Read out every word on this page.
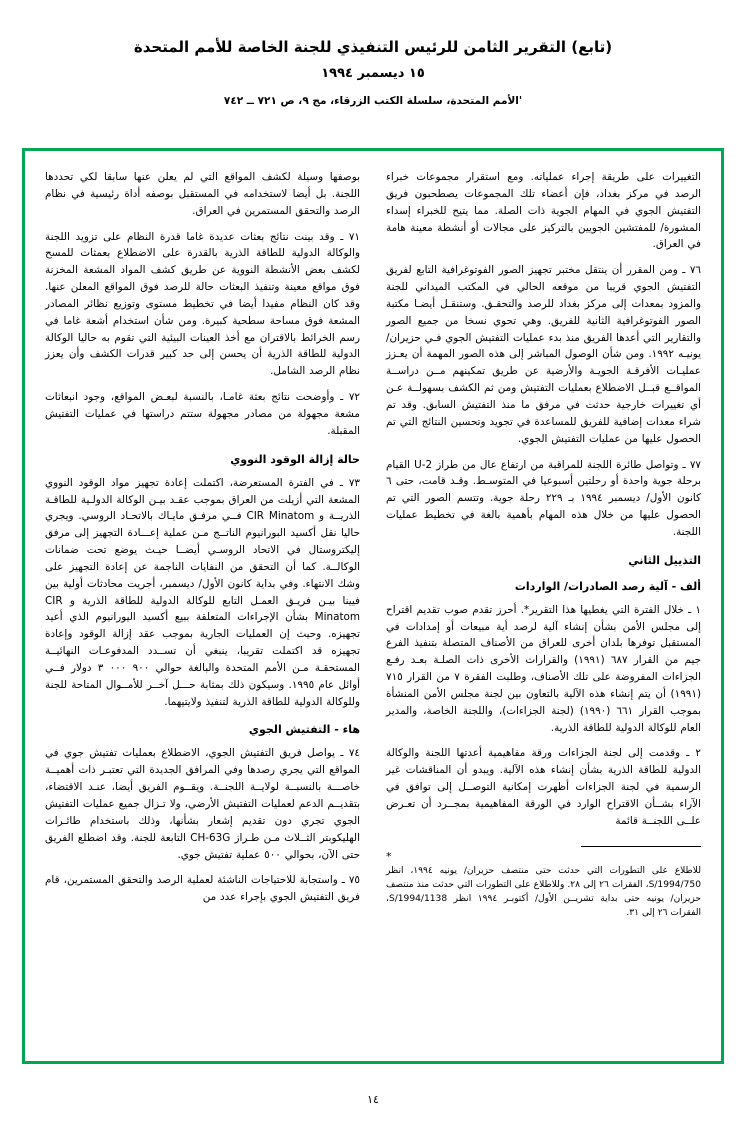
(تابع) التقرير الثامن للرئيس التنفيذي للجنة الخاصة للأمم المتحدة
١٥ ديسمبر ١٩٩٤
'الأمم المتحدة، سلسلة الكتب الزرقاء، مج ٩، ص ٧٢١ ــ ٧٤٢

بوصفها وسيلة لكشف المواقع التي لم يعلن عنها سابقا لكي تحددها اللجنة. بل أيضا لاستخدامه في المستقبل بوصفه أداة رئيسية في نظام الرصد والتحقق المستمرين في العراق.

٧١ ـ وقد بينت نتائج بعثات عديدة غاما قدرة النظام على تزويد اللجنة والوكالة الدولية للطاقة الذرية بالقدرة على الاضطلاع بعمثات للمسح لكشف بعض الأنشطة النووية عن طريق كشف المواد المشعة المخزنة فوق مواقع معينة وتنفيذ البعثات حالة للرصد فوق المواقع المعلن عنها. وقد كان النظام مفيدا أيضا في تخطيط مستوى وتوزيع نظائر المصادر المشعة فوق مساحة سطحية كبيرة. ومن شأن استخدام أشعة غاما في رسم الخرائط بالاقتران مع أخذ العينات البيئية التي تقوم به حاليا الوكالة الدولية للطاقة الذرية أن يحسن إلى حد كبير قدرات الكشف وأن يعزز نظام الرصد الشامل.

٧٢ ـ وأوضحت نتائج بعثة غامـا، بالنسبة لبعـض المواقع، وجود انبعاثات مشعة مجهولة من مصادر مجهولة ستتم دراستها في عمليات التفتيش المقبلة.

حالة إزالة الوقود النووي

٧٣ ـ في الفترة المستعرضة، اكتملت إعادة تجهيز مواد الوقود النووي المشعة التي أزيلت من العراق بموجب عقـد بيـن الوكالة الدولـية للطاقـة الذريــة و CIR Minatom فــي مرفـق مايـاك بالاتحـاد الروسي. ويجري حاليا نقل أكسيد البورانيوم الناتــج مـن عملية إعـــادة التجهيز إلى مرفق إليكتروستال في الاتحاد الروسـي أيضــا حيـث يوضع تحت ضمانات الوكالــة. كما أن التحقق من النفايات الناجمة عن إعادة التجهيز على وشك الانتهاء. وفي بداية كانون الأول/ ديسمبر، أجريت محادثات أولية بين فيينا بيـن فريـق العمـل التابع للوكالة الدولية للطاقة الذرية و CIR Minatom بشأن الإجراءات المتعلقة ببيع أكسيد اليورانيوم الذي أعيد تجهيزه. وحيث إن العمليات الجارية بموجب عقد إزالة الوقود وإعادة تجهيزه قد اكتملت تقريبا، ينبغي أن تســدد المدفوعـات النهائيــة المستحقـة مـن الأمم المتحدة والبالغة حوالي ٩٠٠ ٠٠٠ ٣ دولار فــي أوائل عام ١٩٩٥. وسيكون ذلك بمثابة حـــل آخــر للأمــوال المتاحة للجنة وللوكالة الدولية للطاقة الذرية لتنفيذ ولايتيهما.

هاء - التفتيش الجوي

٧٤ ـ يواصل فريق التفتيش الجوي، الاضطلاع بعمليات تفتيش جوي في المواقع التي يجري رصدها وفي المرافق الجديدة التي تعتبـر ذات أهميــة خاصـــة بالنسبــة لولايــة اللجنــة. ويقــوم الفريق أيضا، عنـد الاقتضاء، بتقديــم الدعم لعمليات التفتيش الأرضي، ولا تـزال جميع عمليات التفتيش الجوي تجري دون تقديم إشعار بشأنها، وذلك باستخدام طائـرات الهليكوبتر الثــلاث مـن طـراز CH-63G التابعة للجنة. وقد اضطلع الفريق حتى الآن، بحوالي ٥٠٠ عملية تفتيش جوي.

٧٥ ـ واستجابة للاحتياجات الناشئة لعملية الرصد والتحقق المستمرين، قام فريق التفتيش الجوي بإجراء عدد من

التغييرات على طريقة إجراء عملياته. ومع استقرار مجموعات خبراء الرصد في مركز بغداد، فإن أعضاء تلك المجموعات يصطحبون فريق التفتيش الجوي في المهام الجوية ذات الصلة. مما يتيح للخبراء إسداء المشورة/ للمفتشين الجويين بالتركيز على مجالات أو أنشطة معينة هامة في العراق.

٧٦ ـ ومن المقرر أن ينتقل مختبر تجهيز الصور الفوتوغرافية التابع لفريق التفتيش الجوي قريبا من موقعه الحالي في المكتب الميداني للجنة والمزود بمعدات إلى مركز بغداد للرصد والتحقـق. وستنقـل أيضـا مكتبة الصور الفوتوغرافية الثانية للفريق. وهي تحوي نسخا من جميع الصور والتقارير التي أعدها الفريق منذ بدء عمليات التفتيش الجوي فـي حزيران/ يونيـه ١٩٩٢. ومن شأن الوصول المباشر إلى هذه الصور المهمة أن يعـزز عمليـات الأفرقـة الجويـة والأرضية عن طريق تمكينهم مــن دراســة المواقــع قبــل الاضطلاع بعمليات التفتيش ومن ثم الكشف بسهولــة عـن أي تغييرات خارجية حدثت في مرفق ما منذ التفتيش السابق. وقد تم شراء معدات إضافية للفريق للمساعدة في تجويد وتحسين النتائج التي تم الحصول عليها من عمليات التفتيش الجوي.

٧٧ ـ وتواصل طائرة اللجنة للمراقبة من ارتفاع عال من طراز U-2 القيام برحلة جوية واحدة أو رحلتين أسبوعيا في المتوسـط. وقـد قامت، حتى ٦ كانون الأول/ ديسمبر ١٩٩٤ بـ ٢٢٩ رحلة جوية. وتتسم الصور التي تم الحصول عليها من خلال هذه المهام بأهمية بالغة في تخطيط عمليات اللجنة.

التذييل الثاني
ألف - آلية رصد الصادرات/ الواردات

١ ـ خلال الفترة التي يغطيها هذا التقرير*. أحرز تقدم صوب تقديم اقتراح إلى مجلس الأمن بشأن إنشاء آلية لرصد أية مبيعات أو إمدادات في المستقبل توفرها بلدان أخرى للعراق من الأصناف المتصلة بتنفيذ الفرع جيم من القرار ٦٨٧ (١٩٩١) والقرارات الأخرى ذات الصلـة بعـد رفـع الجزاءات المفروضة على تلك الأصناف، وطلبت الفقرة ٧ من القرار ٧١٥ (١٩٩١) أن يتم إنشاء هذه الآلية بالتعاون بين لجنة مجلس الأمن المنشأة بموجب القرار ٦٦١ (١٩٩٠) (لجنة الجزاءات)، واللجنة الخاصة، والمدير العام للوكالة الدولية للطاقة الذرية.

٢ ـ وقدمت إلى لجنة الجزاءات ورقة مفاهيمية أعدتها اللجنة والوكالة الدولية للطاقة الذرية بشأن إنشاء هذه الآلية. ويبدو أن المناقشات غير الرسمية في لجنة الجزاءات أظهرت إمكانية التوصــل إلى توافق في الآراء بشــأن الاقتراح الوارد في الورقة المفاهيمية بمجــرد أن تعـرض علــى اللجنــة قائمة

*

للاطلاع على التطورات التي حدثت حتى منتصف حزيران/ يونيه ١٩٩٤، انظر S/1994/750، الفقرات ٢٦ إلى ٢٨. وللاطلاع على التطورات التي حدثت منذ منتصف حزيران/ يونيه حتى بداية تشريــن الأول/ أكتوبـر ١٩٩٤ انظر S/1994/1138، الفقرات ٢٦ إلى ٣١.

١٤
